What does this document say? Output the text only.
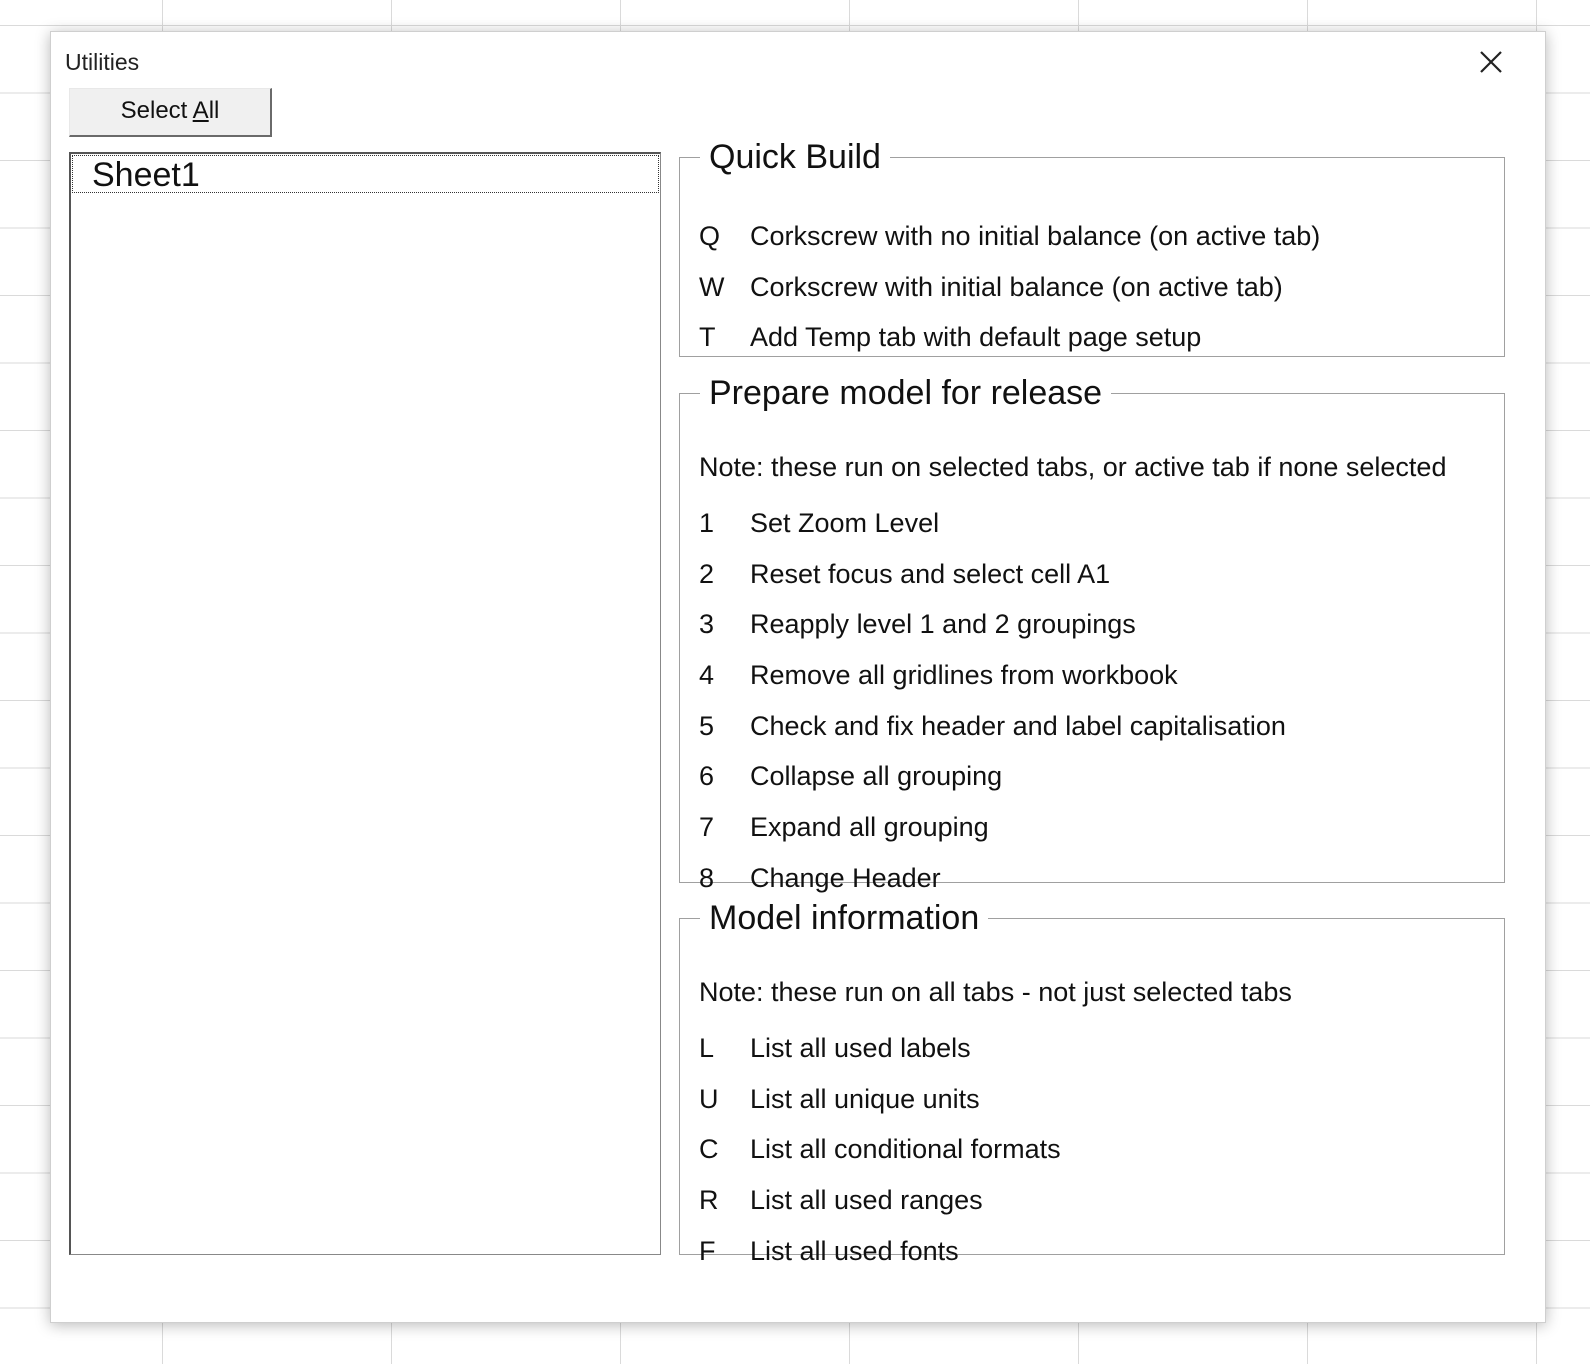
Utilities
Select All
Sheet1	Quick Build
Q	Corkscrew with no initial balance (on active tab)
W Corkscrew with initial balance (on active tab)
T	Add Temp tab with default page setup
Prepare model for release
Note: these run on selected tabs, or active tab if none selected
1	Set Zoom Level
2	Reset focus and select cell A1
3	Reapply level 1 and 2 groupings
4	Remove all gridlines from workbook
5	Check and fix header and label capitalisation
6	Collapse all grouping
7	Expand all grouping
8	Change Header
Model information
Note: these run on all tabs - not just selected tabs
L	List all used labels
U	List all unique units
C	List all conditional formats
R	List all used ranges
F	List all used fonts
